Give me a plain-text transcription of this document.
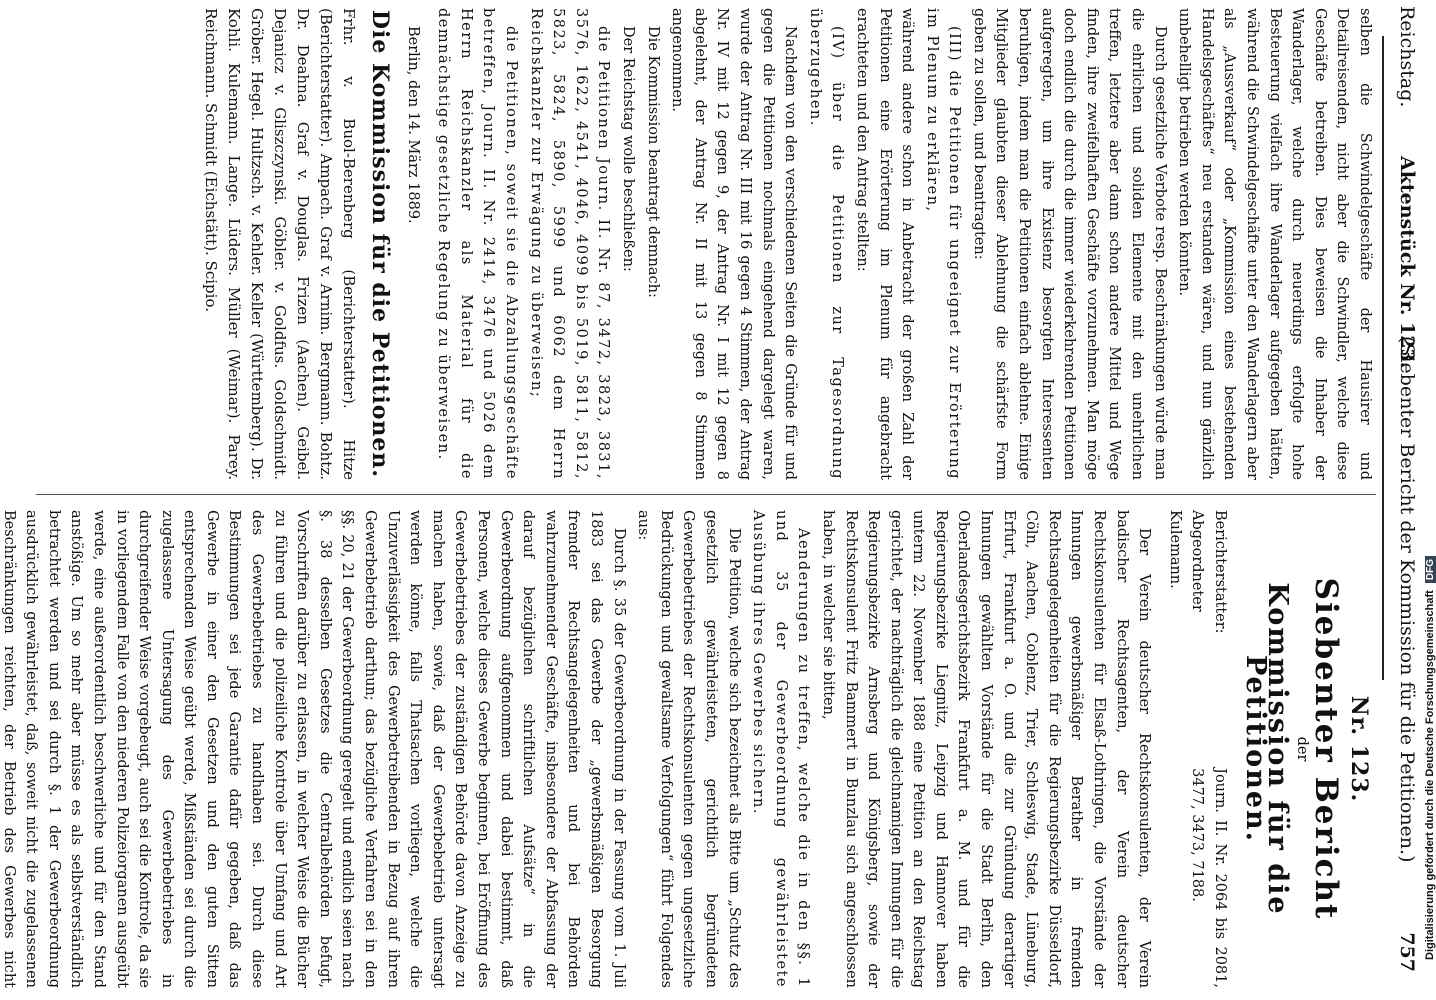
Reichstag.
Aktenstück Nr. 123.
(Siebenter Bericht der Kommission für die Petitionen.)
757

selben die Schwindelgeschäfte der Hausirer und Detailreisenden, nicht aber die Schwindler, welche diese Geschäfte betreiben. Dies beweisen die Inhaber der Wanderlager, welche durch neuerdings erfolgte hohe Besteuerung vielfach ihre Wanderlager aufgegeben hätten, während die Schwindelgeschäfte unter den Wanderlagern aber als „Aussverkauf“ oder „Kommission eines bestehenden Handelsgeschäftes“ neu erstanden wären, und nun gänzlich unbehelligt betrieben werden könnten.

Durch gesetzliche Verbote resp. Beschränkungen würde man die ehrlichen und soliden Elemente mit den unehrlichen treffen, letztere aber dann schon andere Mittel und Wege finden, ihre zweifelhaften Geschäfte vorzunehmen. Man möge doch endlich die durch die immer wiederkehrenden Petitionen aufgeregten, um ihre Existenz besorgten Interessenten beruhigen, indem man die Petitionen einfach ablehne. Einige Mitglieder glaubten dieser Ablehnung die schärfste Form geben zu sollen, und beantragten:

(III) die Petitionen für ungeeignet zur Erörterung im Plenum zu erklären,

während andere schon in Anbetracht der großen Zahl der Petitionen eine Erörterung im Plenum für angebracht erachteten und den Antrag stellten:

(IV) über die Petitionen zur Tagesordnung überzugehen.

Nachdem von den verschiedenen Seiten die Gründe für und gegen die Petitionen nochmals eingehend dargelegt waren, wurde der Antrag Nr. III mit 16 gegen 4 Stimmen, der Antrag Nr. IV mit 12 gegen 9, der Antrag Nr. I mit 12 gegen 8 abgelehnt, der Antrag Nr. II mit 13 gegen 8 Stimmen angenommen.

Die Kommission beantragt demnach:

Der Reichstag wolle beschließen:

die Petitionen Journ. II. Nr. 87, 3472, 3823, 3831, 3576, 1622, 4541, 4046, 4099 bis 5019, 5811, 5812, 5823, 5824, 5890, 5999 und 6062 dem Herrn Reichskanzler zur Erwägung zu überweisen;

die Petitionen, soweit sie die Abzahlungsgeschäfte betreffen, Journ. II. Nr. 2414, 3476 und 5026 dem Herrn Reichskanzler als Material für die demnächstige gesetzliche Regelung zu überweisen.

Berlin, den 14. März 1889.

Die Kommission für die Petitionen.

Frhr. v. Buol-Berenberg (Berichterstatter). Hitze (Berichterstatter). Ampach. Graf v. Arnim. Bergmann. Bohtz. Dr. Deahna. Graf v. Douglas. Frizen (Aachen). Geibel. Dejanicz v. Gliszczynski. Göbler. v. Goldfus. Goldschmidt. Gröber. Hegel. Hultzsch. v. Kehler. Keller (Württemberg). Dr. Kohli. Kulemann. Lange. Lüders. Müller (Weimar). Parey. Reichmann. Schmidt (Eichstätt). Scipio.

Nr. 123.

Siebenter Bericht

der

Kommission für die Petitionen.

Berichterstatter:
Abgeordneter Kulemann.
Journ. II. Nr. 2064 bis 2081, 3477, 3473, 7188.

Der Verein deutscher Rechtskonsulenten, der Verein badischer Rechtsagenten, der Verein deutscher Rechtskonsulenten für Elsaß-Lothringen, die Vorstände der Innungen gewerbsmäßiger Berather in fremden Rechtsangelegenheiten für die Regierungsbezirke Düsseldorf, Cöln, Aachen, Coblenz, Trier, Schleswig, Stade, Lüneburg, Erfurt, Frankfurt a. O. und die zur Gründung derartiger Innungen gewählten Vorstände für die Stadt Berlin, den Oberlandesgerichtsbezirk Frankfurt a. M. und für die Regierungsbezirke Liegnitz, Leipzig und Hannover haben unterm 22. November 1888 eine Petition an den Reichstag gerichtet, der nachträglich die gleichnamigen Innungen für die Regierungsbezirke Arnsberg und Königsberg, sowie der Rechtskonsulent Fritz Bammert in Bunzlau sich angeschlossen haben, in welcher sie bitten,

Aenderungen zu treffen, welche die in den §§. 1 und 35 der Gewerbeordnung gewährleistete Ausübung ihres Gewerbes sichern.

Die Petition, welche sich bezeichnet als Bitte um „Schutz des gesetzlich gewährleisteten, gerichtlich begründeten Gewerbebetriebes der Rechtskonsulenten gegen ungesetzliche Bedrückungen und gewaltsame Verfolgungen“ führt Folgendes aus:

Durch §. 35 der Gewerbeordnung in der Fassung vom 1. Juli 1883 sei das Gewerbe der „gewerbsmäßigen Besorgung fremder Rechtsangelegenheiten und bei Behörden wahrzunehmender Geschäfte, insbesondere der Abfassung der darauf bezüglichen schriftlichen Aufsätze“ in die Gewerbeordnung aufgenommen und dabei bestimmt, daß Personen, welche dieses Gewerbe beginnen, bei Eröffnung des Gewerbebetriebes der zuständigen Behörde davon Anzeige zu machen haben, sowie, daß der Gewerbebetrieb untersagt werden könne, falls Thatsachen vorliegen, welche die Unzuverlässigkeit des Gewerbetreibenden in Bezug auf ihren Gewerbebetrieb darthun; das bezügliche Verfahren sei in den §§. 20, 21 der Gewerbeordnung geregelt und endlich seien nach §. 38 desselben Gesetzes die Centralbehörden befugt, Vorschriften darüber zu erlassen, in welcher Weise die Bücher zu führen und die polizeiliche Kontrole über Umfang und Art des Gewerbebetriebes zu handhaben sei. Durch diese Bestimmungen sei jede Garantie dafür gegeben, daß das Gewerbe in einer den Gesetzen und den guten Sitten entsprechenden Weise geübt werde, Mißständen sei durch die zugelassene Untersagung des Gewerbebetriebes in durchgreifender Weise vorgebeugt, auch sei die Kontrole, da sie in vorliegendem Falle von den niederen Polizeiorganen ausgeübt werde, eine außerordentlich beschwerliche und für den Stand anstößige. Um so mehr aber müsse es als selbstverständlich betrachtet werden und sei durch §. 1 der Gewerbeordnung ausdrücklich gewährleistet, daß, soweit nicht die zugelassenen Beschränkungen reichten, der Betrieb des Gewerbes nicht

Digitalisierung gefördert durch die Deutsche Forschungsgemeinschaft DFG
